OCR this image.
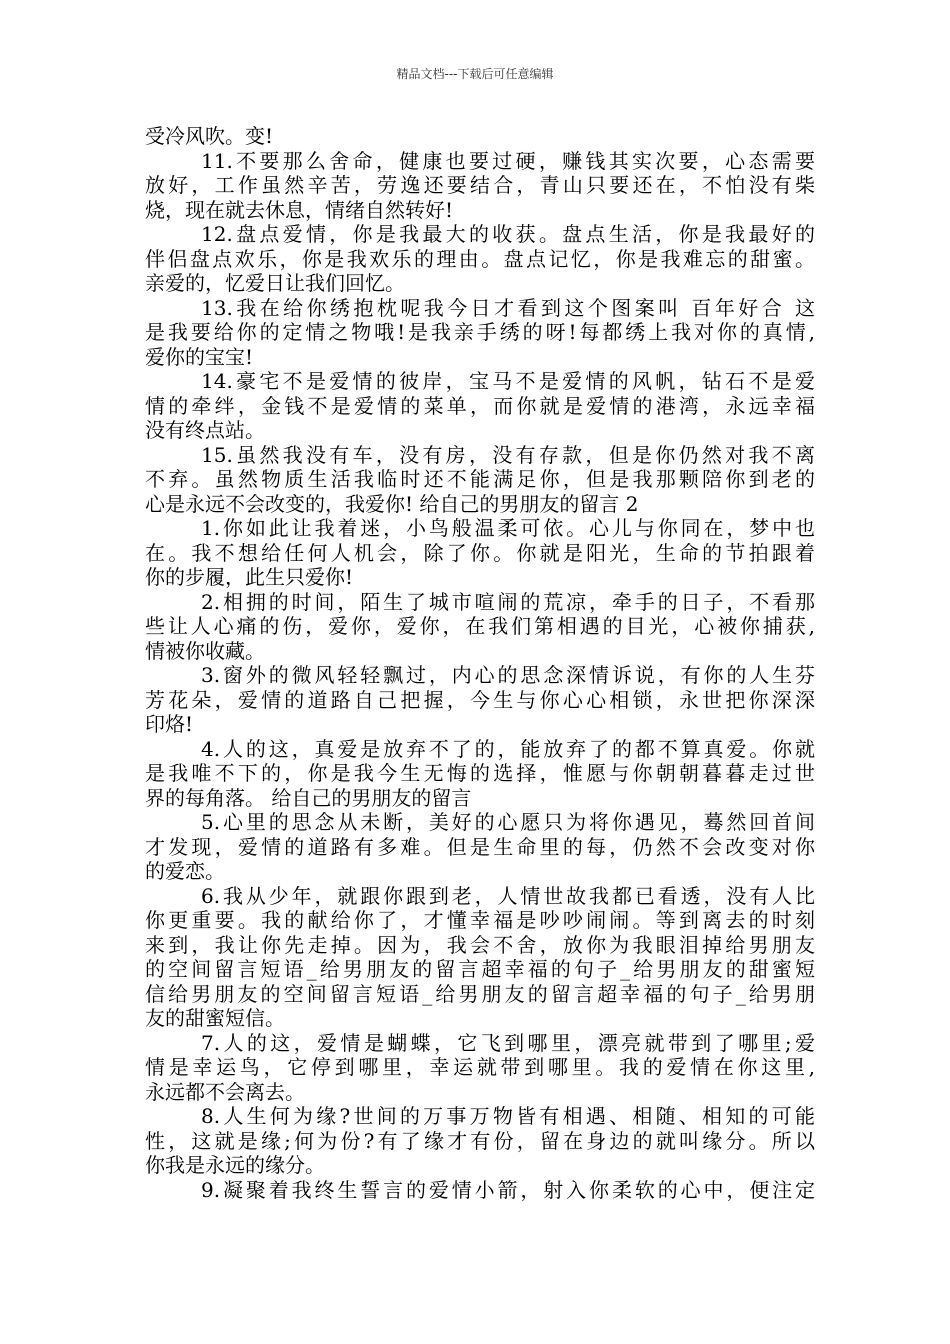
精品文档---下载后可任意编辑
受冷风吹。变!
11.不要那么舍命，健康也要过硬，赚钱其实次要，心态需要
放好，工作虽然辛苦，劳逸还要结合，青山只要还在，不怕没有柴
烧，现在就去休息，情绪自然转好!
12.盘点爱情，你是我最大的收获。盘点生活，你是我最好的
伴侣盘点欢乐，你是我欢乐的理由。盘点记忆，你是我难忘的甜蜜。
亲爱的，忆爱日让我们回忆。
13.我在给你绣抱枕呢我今日才看到这个图案叫 百年好合 这
是我要给你的定情之物哦!是我亲手绣的呀!每都绣上我对你的真情,
爱你的宝宝!
14.豪宅不是爱情的彼岸，宝马不是爱情的风帆，钻石不是爱
情的牵绊，金钱不是爱情的菜单，而你就是爱情的港湾，永远幸福
没有终点站。
15.虽然我没有车，没有房，没有存款，但是你仍然对我不离
不弃。虽然物质生活我临时还不能满足你，但是我那颗陪你到老的
心是永远不会改变的，我爱你! 给自己的男朋友的留言 2
1.你如此让我着迷，小鸟般温柔可依。心儿与你同在，梦中也
在。我不想给任何人机会，除了你。你就是阳光，生命的节拍跟着
你的步履，此生只爱你!
2.相拥的时间，陌生了城市喧闹的荒凉，牵手的日子，不看那
些让人心痛的伤，爱你，爱你，在我们第相遇的目光，心被你捕获,
情被你收藏。
3.窗外的微风轻轻飘过，内心的思念深情诉说，有你的人生芬
芳花朵，爱情的道路自己把握，今生与你心心相锁，永世把你深深
印烙!
4.人的这，真爱是放弃不了的，能放弃了的都不算真爱。你就
是我唯不下的，你是我今生无悔的选择，惟愿与你朝朝暮暮走过世
界的每角落。 给自己的男朋友的留言
5.心里的思念从未断，美好的心愿只为将你遇见，蓦然回首间
才发现，爱情的道路有多难。但是生命里的每，仍然不会改变对你
的爱恋。
6.我从少年，就跟你跟到老，人情世故我都已看透，没有人比
你更重要。我的献给你了，才懂幸福是吵吵闹闹。等到离去的时刻
来到，我让你先走掉。因为，我会不舍，放你为我眼泪掉给男朋友
的空间留言短语_给男朋友的留言超幸福的句子_给男朋友的甜蜜短
信给男朋友的空间留言短语_给男朋友的留言超幸福的句子_给男朋
友的甜蜜短信。
7.人的这，爱情是蝴蝶，它飞到哪里，漂亮就带到了哪里;爱
情是幸运鸟，它停到哪里，幸运就带到哪里。我的爱情在你这里,
永远都不会离去。
8.人生何为缘?世间的万事万物皆有相遇、相随、相知的可能
性，这就是缘;何为份?有了缘才有份，留在身边的就叫缘分。所以
你我是永远的缘分。
9.凝聚着我终生誓言的爱情小箭，射入你柔软的心中，便注定
